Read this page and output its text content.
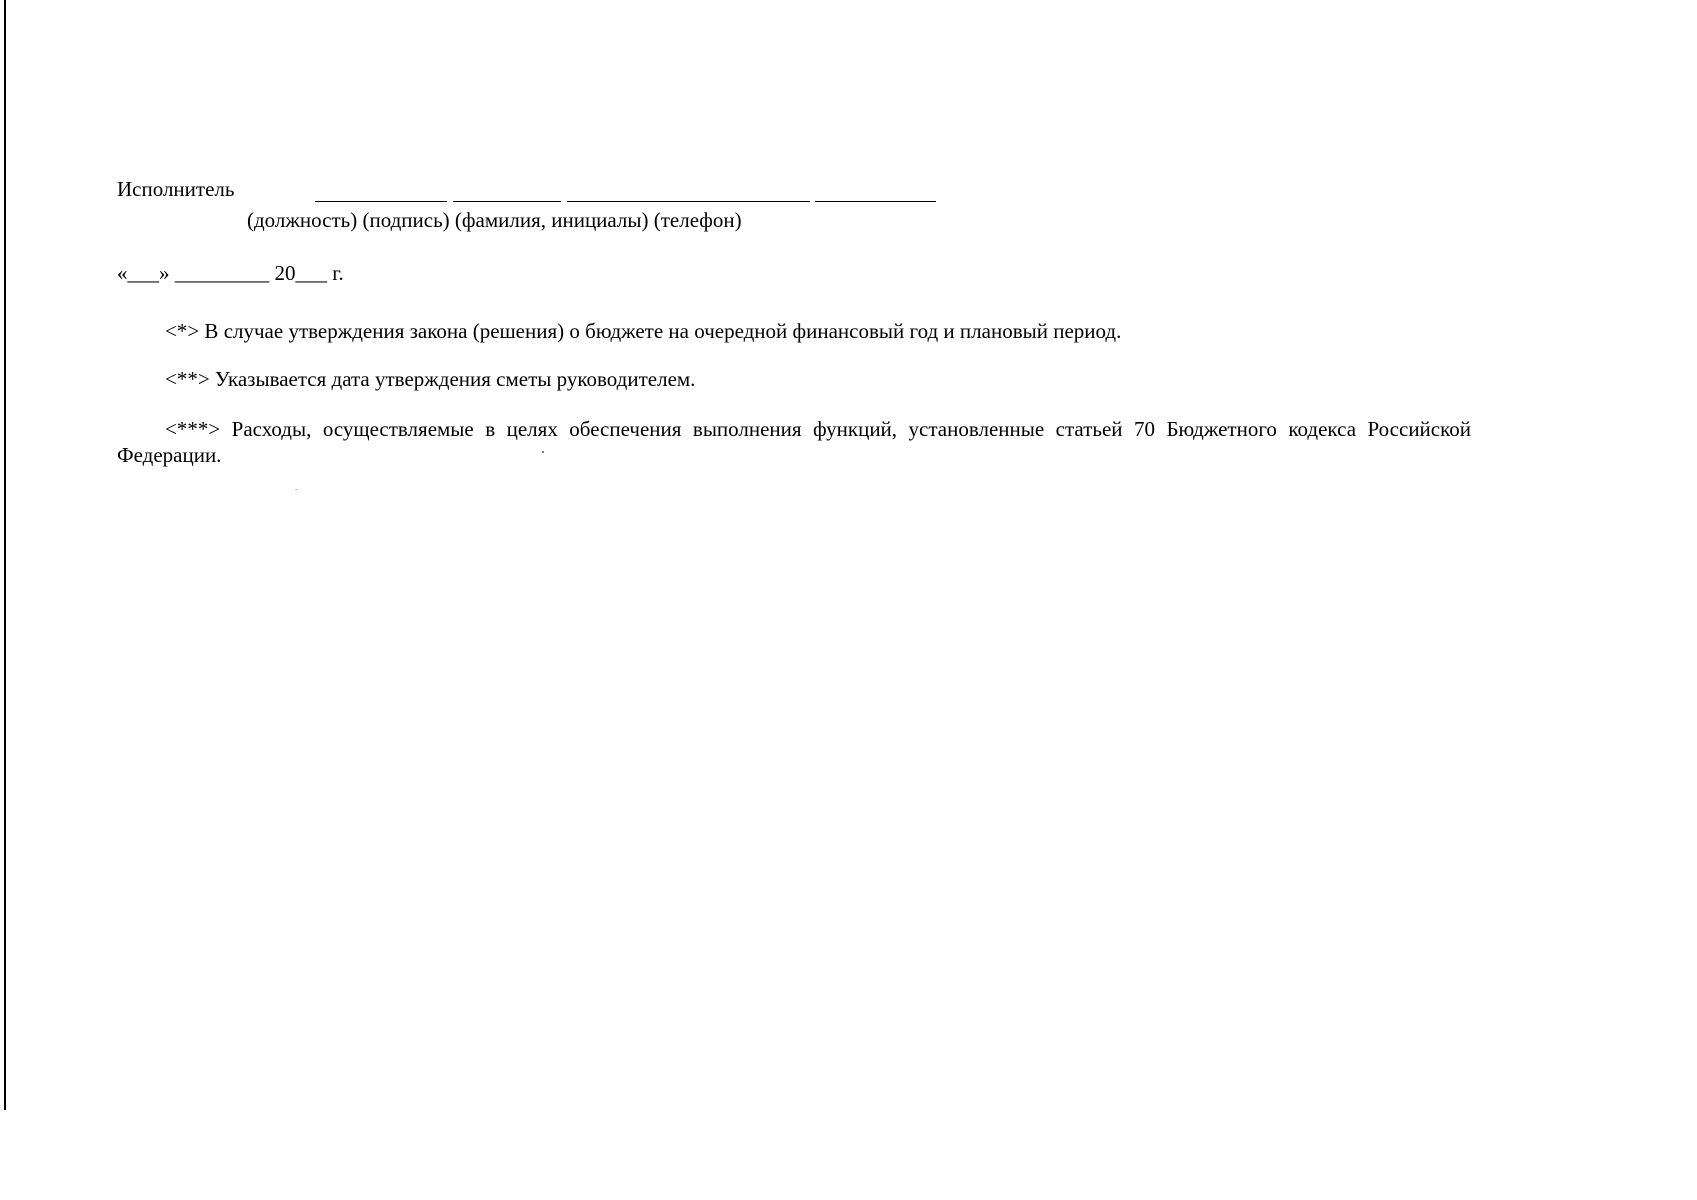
Исполнитель
(должность) (подпись) (фамилия, инициалы) (телефон)
«___» _________ 20___ г.
<*> В случае утверждения закона (решения) о бюджете на очередной финансовый год и плановый период.
<**> Указывается дата утверждения сметы руководителем.
<***> Расходы, осуществляемые в целях обеспечения выполнения функций, установленные статьей 70 Бюджетного кодекса Российской Федерации.
